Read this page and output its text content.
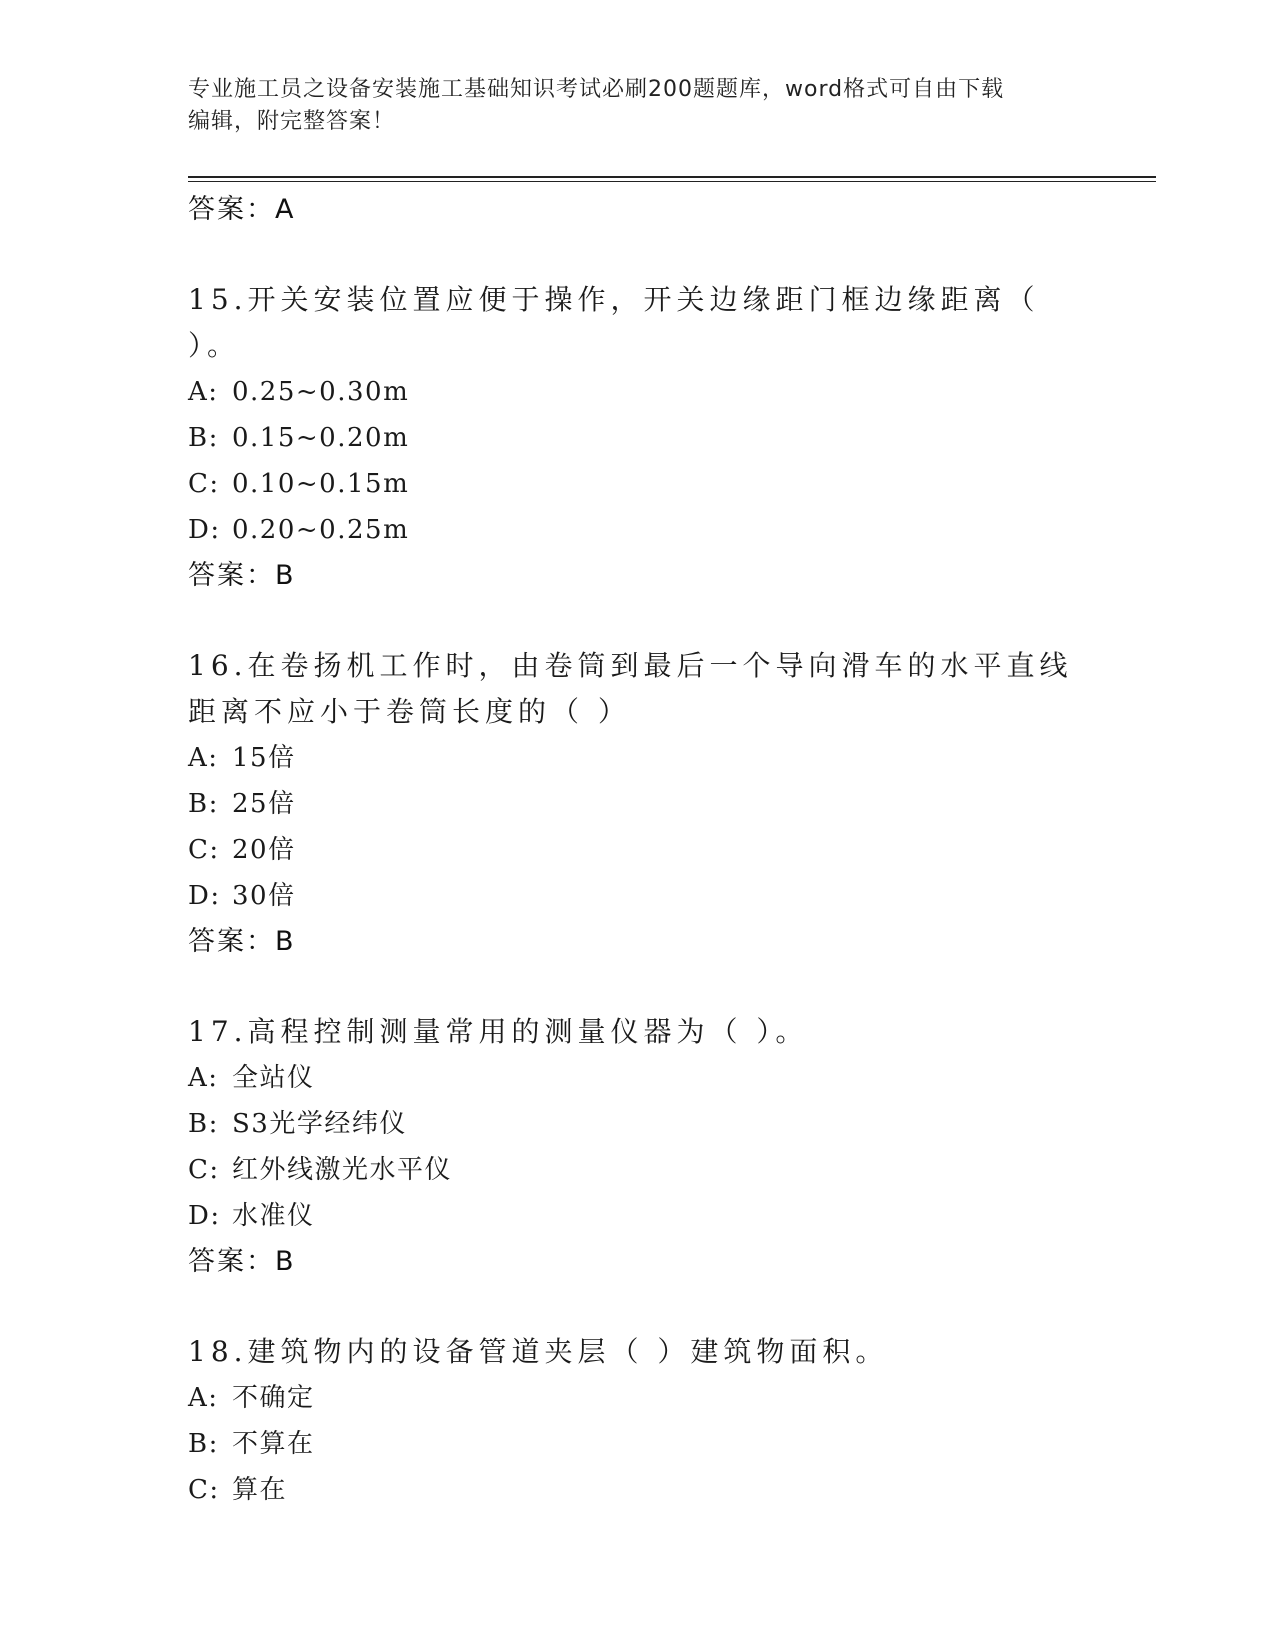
专业施工员之设备安装施工基础知识考试必刷200题题库，word格式可自由下载
编辑，附完整答案！
答案：A
15.开关安装位置应便于操作，开关边缘距门框边缘距离（ ）。
A: 0.25~0.30m
B: 0.15~0.20m
C: 0.10~0.15m
D: 0.20~0.25m
答案：B
16.在卷扬机工作时，由卷筒到最后一个导向滑车的水平直线距离不应小于卷筒长度的（ ）
A: 15倍
B: 25倍
C: 20倍
D: 30倍
答案：B
17.高程控制测量常用的测量仪器为（ ）。
A: 全站仪
B: S3光学经纬仪
C: 红外线激光水平仪
D: 水准仪
答案：B
18.建筑物内的设备管道夹层（ ）建筑物面积。
A: 不确定
B: 不算在
C: 算在
